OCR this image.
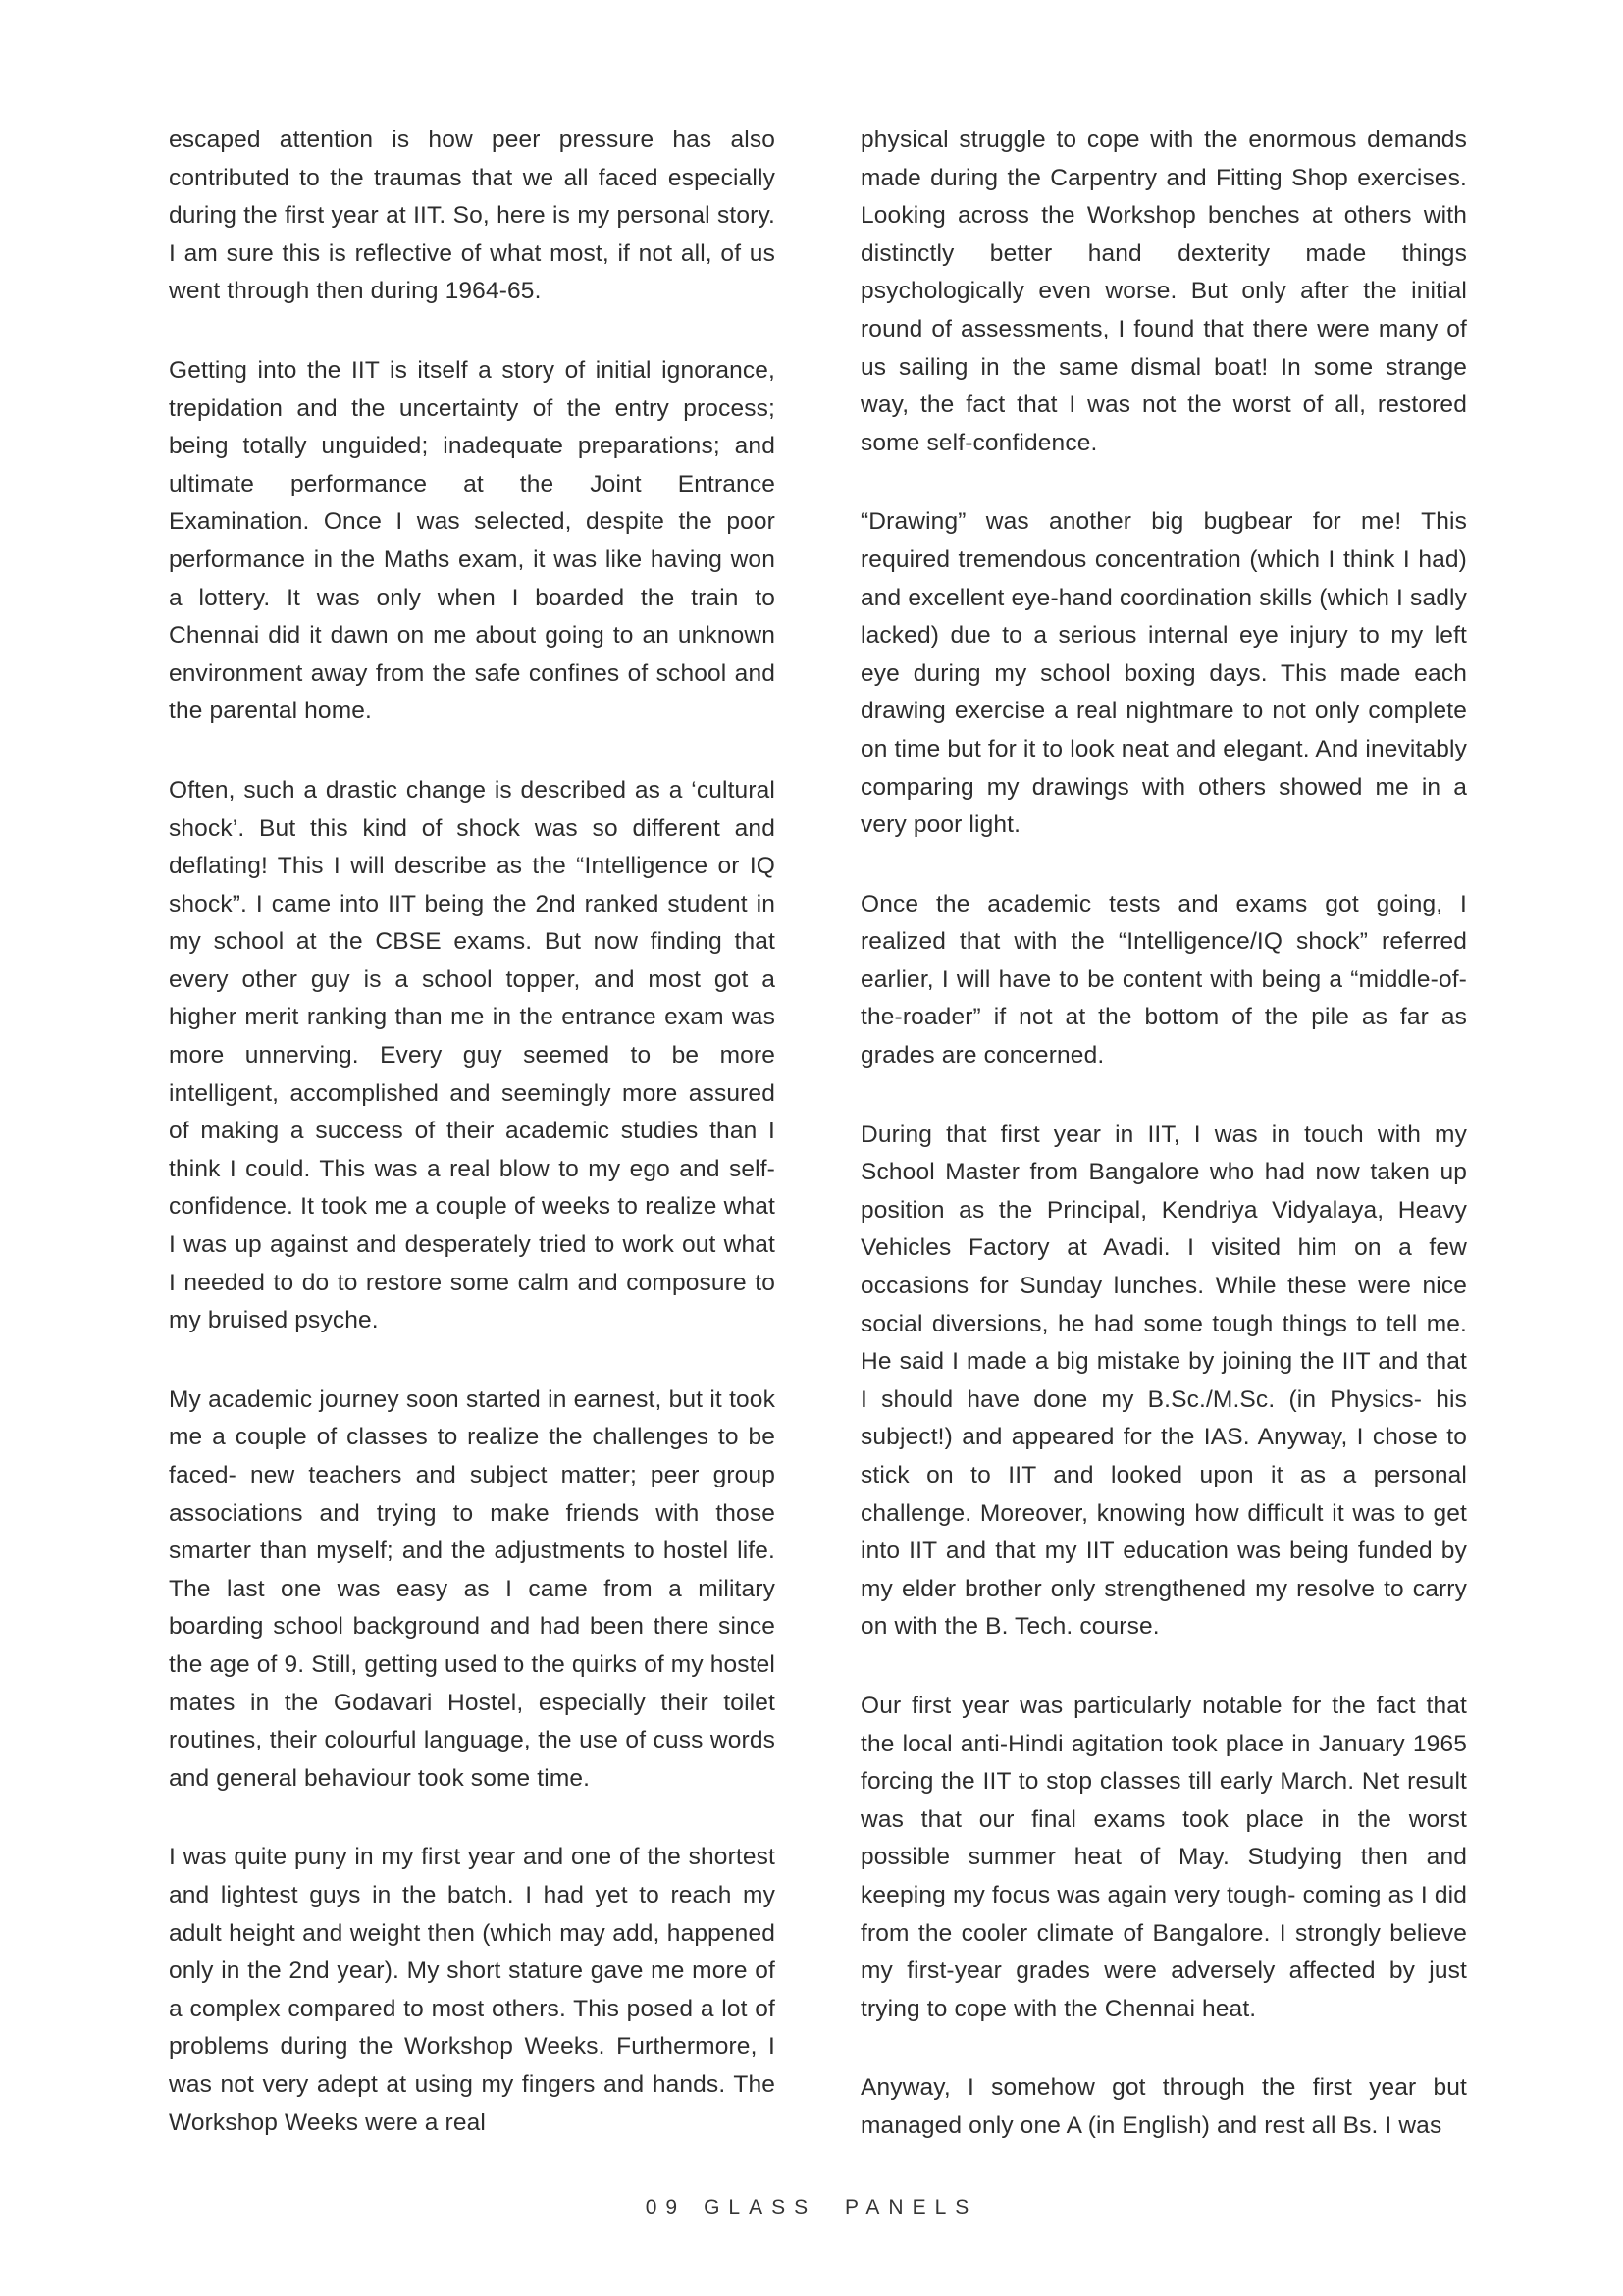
escaped attention is how peer pressure has also contributed to the traumas that we all faced especially during the first year at IIT. So, here is my personal story. I am sure this is reflective of what most, if not all, of us went through then during 1964-65.

Getting into the IIT is itself a story of initial ignorance, trepidation and the uncertainty of the entry process; being totally unguided; inadequate preparations; and ultimate performance at the Joint Entrance Examination. Once I was selected, despite the poor performance in the Maths exam, it was like having won a lottery. It was only when I boarded the train to Chennai did it dawn on me about going to an unknown environment away from the safe confines of school and the parental home.

Often, such a drastic change is described as a ‘cultural shock’. But this kind of shock was so different and deflating! This I will describe as the “Intelligence or IQ shock”. I came into IIT being the 2nd ranked student in my school at the CBSE exams. But now finding that every other guy is a school topper, and most got a higher merit ranking than me in the entrance exam was more unnerving. Every guy seemed to be more intelligent, accomplished and seemingly more assured of making a success of their academic studies than I think I could. This was a real blow to my ego and self-confidence. It took me a couple of weeks to realize what I was up against and desperately tried to work out what I needed to do to restore some calm and composure to my bruised psyche.

My academic journey soon started in earnest, but it took me a couple of classes to realize the challenges to be faced- new teachers and subject matter; peer group associations and trying to make friends with those smarter than myself; and the adjustments to hostel life. The last one was easy as I came from a military boarding school background and had been there since the age of 9. Still, getting used to the quirks of my hostel mates in the Godavari Hostel, especially their toilet routines, their colourful language, the use of cuss words and general behaviour took some time.

I was quite puny in my first year and one of the shortest and lightest guys in the batch. I had yet to reach my adult height and weight then (which may add, happened only in the 2nd year). My short stature gave me more of a complex compared to most others. This posed a lot of problems during the Workshop Weeks. Furthermore, I was not very adept at using my fingers and hands. The Workshop Weeks were a real

physical struggle to cope with the enormous demands made during the Carpentry and Fitting Shop exercises. Looking across the Workshop benches at others with distinctly better hand dexterity made things psychologically even worse. But only after the initial round of assessments, I found that there were many of us sailing in the same dismal boat! In some strange way, the fact that I was not the worst of all, restored some self-confidence.

“Drawing” was another big bugbear for me! This required tremendous concentration (which I think I had) and excellent eye-hand coordination skills (which I sadly lacked) due to a serious internal eye injury to my left eye during my school boxing days. This made each drawing exercise a real nightmare to not only complete on time but for it to look neat and elegant. And inevitably comparing my drawings with others showed me in a very poor light.

Once the academic tests and exams got going, I realized that with the “Intelligence/IQ shock” referred earlier, I will have to be content with being a “middle-of-the-roader” if not at the bottom of the pile as far as grades are concerned.

During that first year in IIT, I was in touch with my School Master from Bangalore who had now taken up position as the Principal, Kendriya Vidyalaya, Heavy Vehicles Factory at Avadi. I visited him on a few occasions for Sunday lunches. While these were nice social diversions, he had some tough things to tell me. He said I made a big mistake by joining the IIT and that I should have done my B.Sc./M.Sc. (in Physics- his subject!) and appeared for the IAS. Anyway, I chose to stick on to IIT and looked upon it as a personal challenge. Moreover, knowing how difficult it was to get into IIT and that my IIT education was being funded by my elder brother only strengthened my resolve to carry on with the B. Tech. course.

Our first year was particularly notable for the fact that the local anti-Hindi agitation took place in January 1965 forcing the IIT to stop classes till early March. Net result was that our final exams took place in the worst possible summer heat of May. Studying then and keeping my focus was again very tough- coming as I did from the cooler climate of Bangalore. I strongly believe my first-year grades were adversely affected by just trying to cope with the Chennai heat.

Anyway, I somehow got through the first year but managed only one A (in English) and rest all Bs. I was

09 GLASS PANELS
